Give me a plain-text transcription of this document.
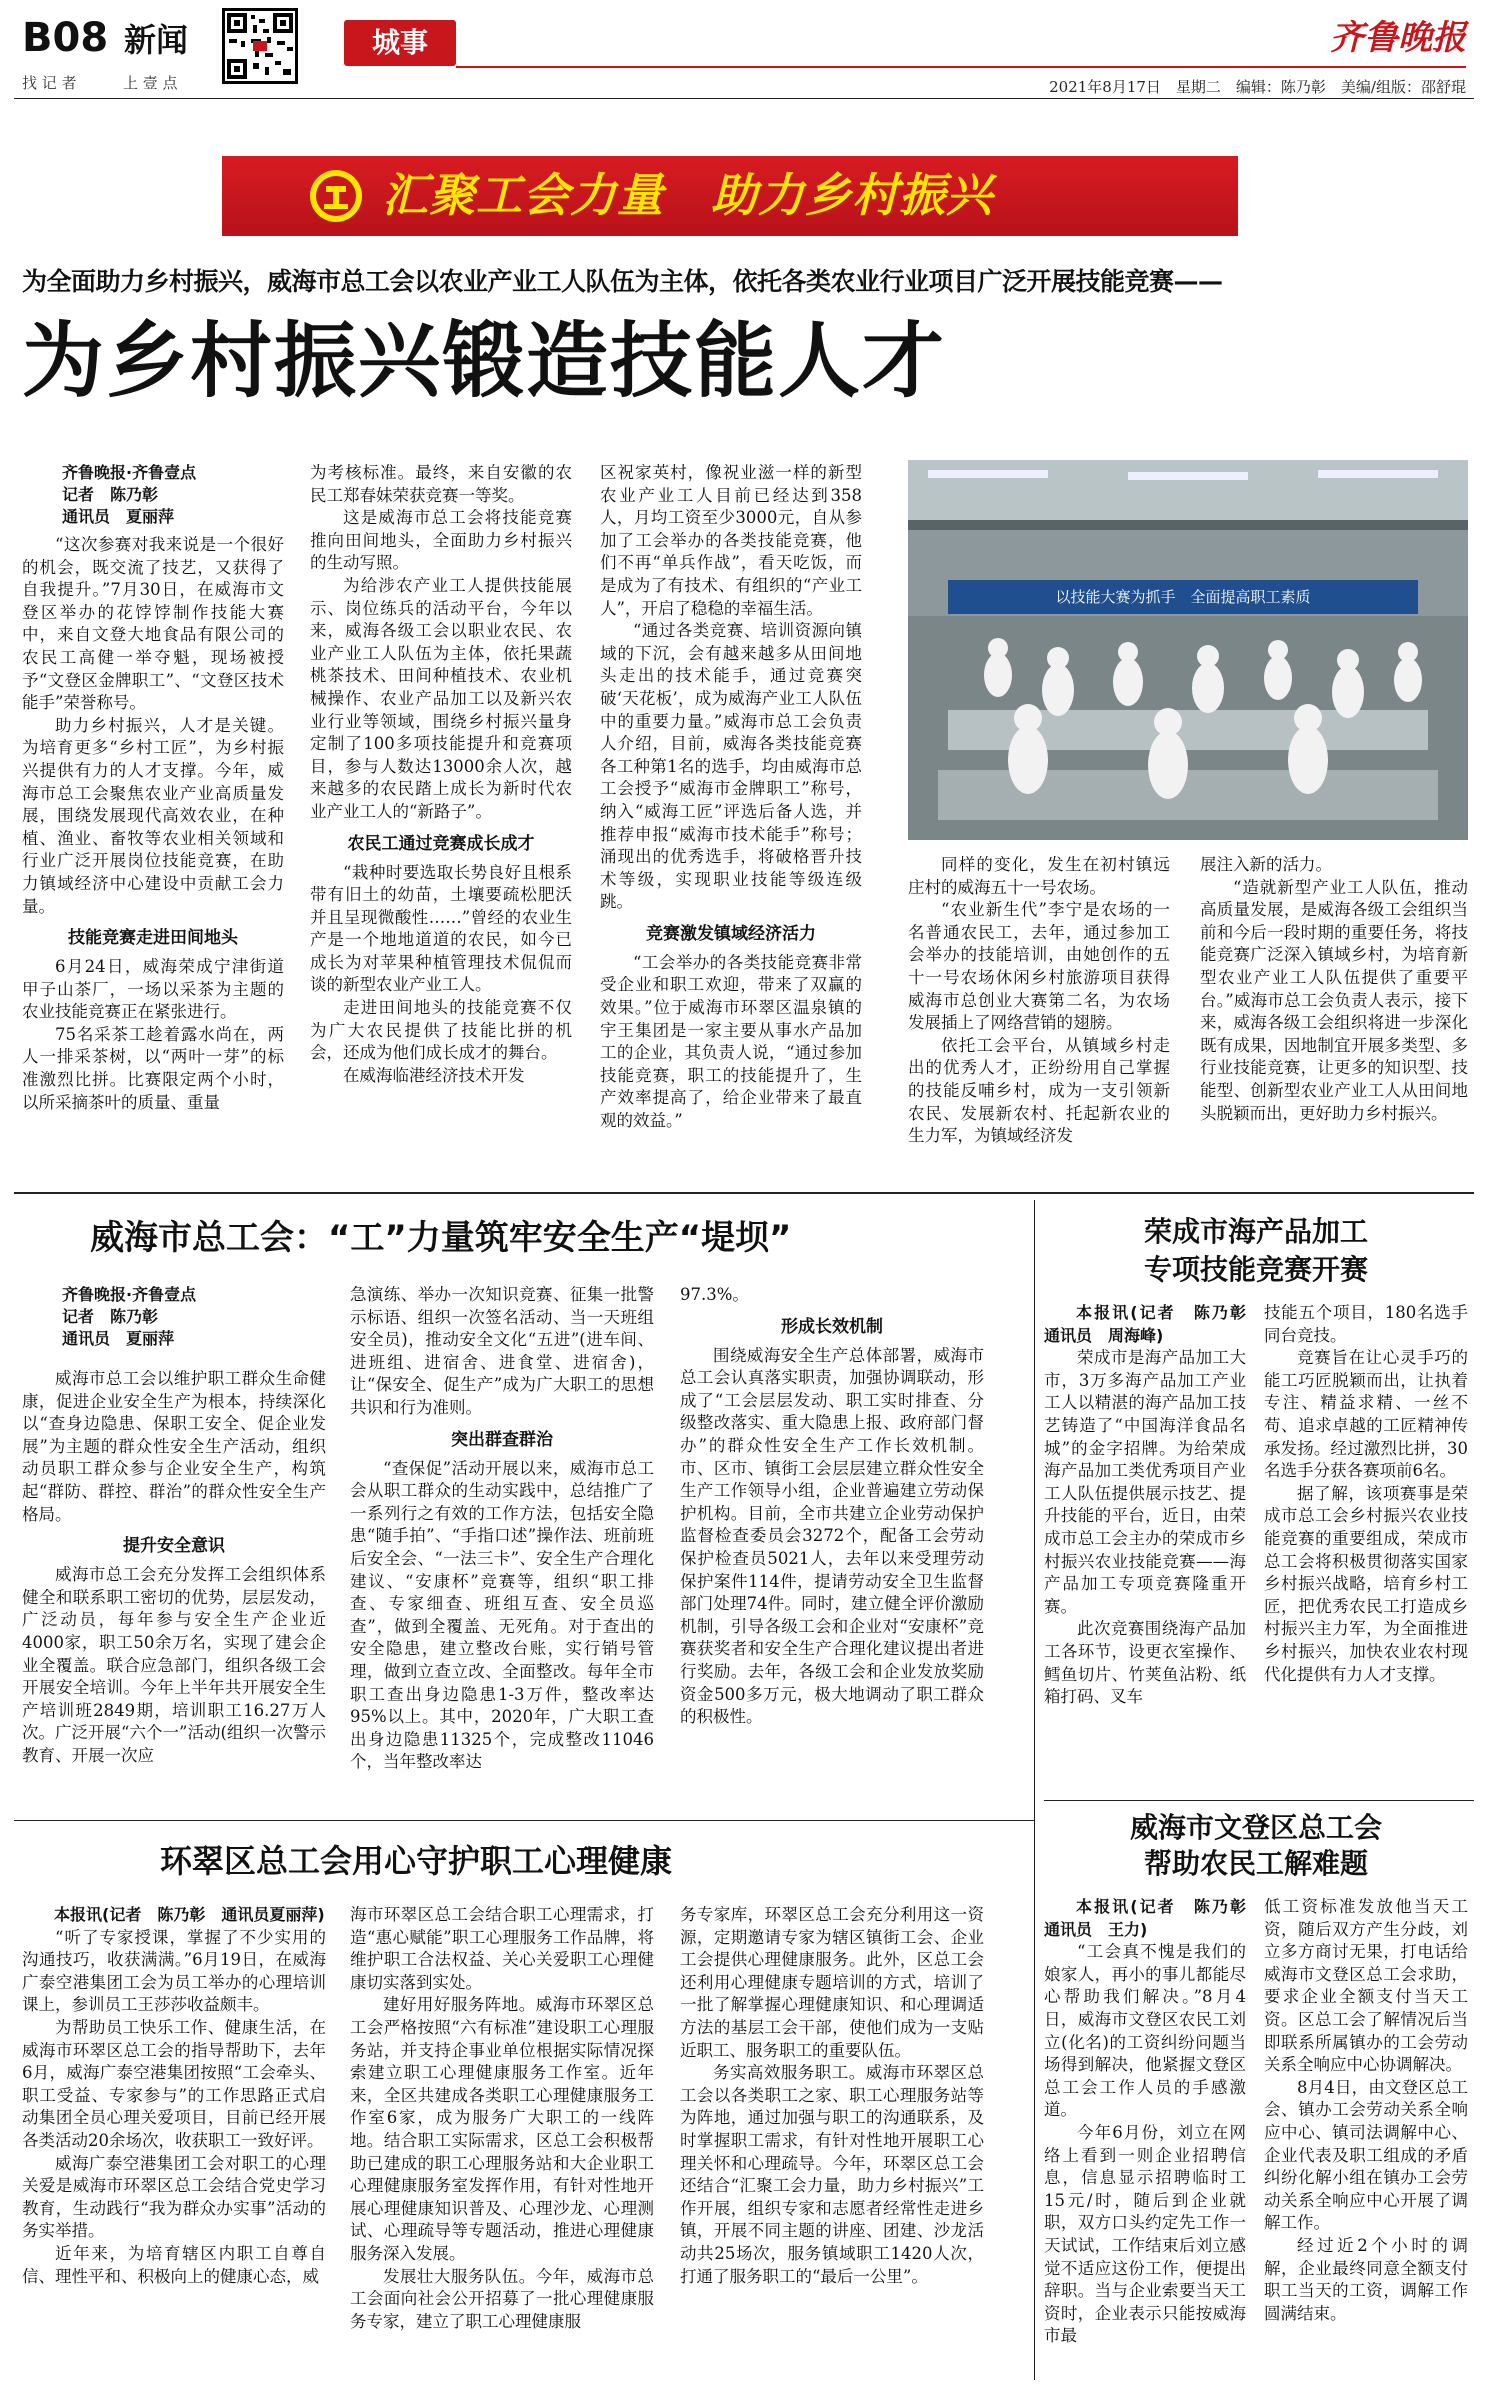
B08 新闻
找 记 者	上 壹 点
城事	齐鲁晚报
2021年8月17日　星期二　编辑：陈乃彰　美编/组版：邵舒琨
汇聚工会力量　助力乡村振兴
为全面助力乡村振兴，威海市总工会以农业产业工人队伍为主体，依托各类农业行业项目广泛开展技能竞赛——
为乡村振兴锻造技能人才
齐鲁晚报·齐鲁壹点
记者　陈乃彰
通讯员　夏丽萍

“这次参赛对我来说是一个很好的机会，既交流了技艺，又获得了自我提升。”7月30日，在威海市文登区举办的花饽饽制作技能大赛中，来自文登大地食品有限公司的农民工高健一举夺魁，现场被授予“文登区金牌职工”、“文登区技术能手”荣誉称号。

助力乡村振兴，人才是关键。为培育更多“乡村工匠”，为乡村振兴提供有力的人才支撑。今年，威海市总工会聚焦农业产业高质量发展，围绕发展现代高效农业，在种植、渔业、畜牧等农业相关领域和行业广泛开展岗位技能竞赛，在助力镇域经济中心建设中贡献工会力量。

技能竞赛走进田间地头

6月24日，威海荣成宁津街道甲子山茶厂，一场以采茶为主题的农业技能竞赛正在紧张进行。

75名采茶工趁着露水尚在，两人一排采茶树，以“两叶一芽”的标准激烈比拼。比赛限定两个小时，以所采摘茶叶的质量、重量

为考核标准。最终，来自安徽的农民工郑春妹荣获竞赛一等奖。

这是威海市总工会将技能竞赛推向田间地头，全面助力乡村振兴的生动写照。

为给涉农产业工人提供技能展示、岗位练兵的活动平台，今年以来，威海各级工会以职业农民、农业产业工人队伍为主体，依托果蔬桃茶技术、田间种植技术、农业机械操作、农业产品加工以及新兴农业行业等领域，围绕乡村振兴量身定制了100多项技能提升和竞赛项目，参与人数达13000余人次，越来越多的农民踏上成长为新时代农业产业工人的“新路子”。

农民工通过竞赛成长成才

“栽种时要选取长势良好且根系带有旧土的幼苗，土壤要疏松肥沃并且呈现微酸性……”曾经的农业生产是一个地地道道的农民，如今已成长为对苹果种植管理技术侃侃而谈的新型农业产业工人。

走进田间地头的技能竞赛不仅为广大农民提供了技能比拼的机会，还成为他们成长成才的舞台。

在威海临港经济技术开发

区祝家英村，像祝业滋一样的新型农业产业工人目前已经达到358人，月均工资至少3000元，自从参加了工会举办的各类技能竞赛，他们不再“单兵作战”，看天吃饭，而是成为了有技术、有组织的“产业工人”，开启了稳稳的幸福生活。

“通过各类竞赛、培训资源向镇域的下沉，会有越来越多从田间地头走出的技术能手，通过竞赛突破‘天花板’，成为威海产业工人队伍中的重要力量。”威海市总工会负责人介绍，目前，威海各类技能竞赛各工种第1名的选手，均由威海市总工会授予“威海市金牌职工”称号，纳入“威海工匠”评选后备人选，并推荐申报“威海市技术能手”称号；涌现出的优秀选手，将破格晋升技术等级，实现职业技能等级连级跳。

竞赛激发镇域经济活力

“工会举办的各类技能竞赛非常受企业和职工欢迎，带来了双赢的效果。”位于威海市环翠区温泉镇的宇王集团是一家主要从事水产品加工的企业，其负责人说，“通过参加技能竞赛，职工的技能提升了，生产效率提高了，给企业带来了最直观的效益。”

以技能大赛为抓手　全面提高职工素质

同样的变化，发生在初村镇远庄村的威海五十一号农场。

“农业新生代”李宁是农场的一名普通农民工，去年，通过参加工会举办的技能培训，由她创作的五十一号农场休闲乡村旅游项目获得威海市总创业大赛第二名，为农场发展插上了网络营销的翅膀。

依托工会平台，从镇域乡村走出的优秀人才，正纷纷用自己掌握的技能反哺乡村，成为一支引领新农民、发展新农村、托起新农业的生力军，为镇域经济发

展注入新的活力。

“造就新型产业工人队伍，推动高质量发展，是威海各级工会组织当前和今后一段时期的重要任务，将技能竞赛广泛深入镇域乡村，为培育新型农业产业工人队伍提供了重要平台。”威海市总工会负责人表示，接下来，威海各级工会组织将进一步深化既有成果，因地制宜开展多类型、多行业技能竞赛，让更多的知识型、技能型、创新型农业产业工人从田间地头脱颖而出，更好助力乡村振兴。

威海市总工会：“工”力量筑牢安全生产“堤坝”
齐鲁晚报·齐鲁壹点
记者　陈乃彰
通讯员　夏丽萍

威海市总工会以维护职工群众生命健康，促进企业安全生产为根本，持续深化以“查身边隐患、保职工安全、促企业发展”为主题的群众性安全生产活动，组织动员职工群众参与企业安全生产，构筑起“群防、群控、群治”的群众性安全生产格局。

提升安全意识

威海市总工会充分发挥工会组织体系健全和联系职工密切的优势，层层发动，广泛动员，每年参与安全生产企业近4000家，职工50余万名，实现了建会企业全覆盖。联合应急部门，组织各级工会开展安全培训。今年上半年共开展安全生产培训班2849期，培训职工16.27万人次。广泛开展“六个一”活动(组织一次警示教育、开展一次应

急演练、举办一次知识竞赛、征集一批警示标语、组织一次签名活动、当一天班组安全员)，推动安全文化“五进”(进车间、进班组、进宿舍、进食堂、进宿舍)，让“保安全、促生产”成为广大职工的思想共识和行为准则。

突出群查群治

“查保促”活动开展以来，威海市总工会从职工群众的生动实践中，总结推广了一系列行之有效的工作方法，包括安全隐患“随手拍”、“手指口述”操作法、班前班后安全会、“一法三卡”、安全生产合理化建议、“安康杯”竞赛等，组织“职工排查、专家细查、班组互查、安全员巡查”，做到全覆盖、无死角。对于查出的安全隐患，建立整改台账，实行销号管理，做到立查立改、全面整改。每年全市职工查出身边隐患1-3万件，整改率达95%以上。其中，2020年，广大职工查出身边隐患11325个，完成整改11046个，当年整改率达

97.3%。

形成长效机制

围绕威海安全生产总体部署，威海市总工会认真落实职责，加强协调联动，形成了“工会层层发动、职工实时排查、分级整改落实、重大隐患上报、政府部门督办”的群众性安全生产工作长效机制。市、区市、镇街工会层层建立群众性安全生产工作领导小组，企业普遍建立劳动保护机构。目前，全市共建立企业劳动保护监督检查委员会3272个，配备工会劳动保护检查员5021人，去年以来受理劳动保护案件114件，提请劳动安全卫生监督部门处理74件。同时，建立健全评价激励机制，引导各级工会和企业对“安康杯”竞赛获奖者和安全生产合理化建议提出者进行奖励。去年，各级工会和企业发放奖励资金500多万元，极大地调动了职工群众的积极性。

荣成市海产品加工
专项技能竞赛开赛
本报讯(记者　陈乃彰　通讯员　周海峰)

荣成市是海产品加工大市，3万多海产品加工产业工人以精湛的海产品加工技艺铸造了“中国海洋食品名城”的金字招牌。为给荣成海产品加工类优秀项目产业工人队伍提供展示技艺、提升技能的平台，近日，由荣成市总工会主办的荣成市乡村振兴农业技能竞赛——海产品加工专项竞赛隆重开赛。

此次竞赛围绕海产品加工各环节，设更衣室操作、鳕鱼切片、竹荚鱼沾粉、纸箱打码、叉车

技能五个项目，180名选手同台竞技。

竞赛旨在让心灵手巧的能工巧匠脱颖而出，让执着专注、精益求精、一丝不苟、追求卓越的工匠精神传承发扬。经过激烈比拼，30名选手分获各赛项前6名。

据了解，该项赛事是荣成市总工会乡村振兴农业技能竞赛的重要组成，荣成市总工会将积极贯彻落实国家乡村振兴战略，培育乡村工匠，把优秀农民工打造成乡村振兴主力军，为全面推进乡村振兴，加快农业农村现代化提供有力人才支撑。

环翠区总工会用心守护职工心理健康
本报讯(记者　陈乃彰　通讯员夏丽萍)

“听了专家授课，掌握了不少实用的沟通技巧，收获满满。”6月19日，在威海广泰空港集团工会为员工举办的心理培训课上，参训员工王莎莎收益颇丰。

为帮助员工快乐工作、健康生活，在威海市环翠区总工会的指导帮助下，去年6月，威海广泰空港集团按照“工会牵头、职工受益、专家参与”的工作思路正式启动集团全员心理关爱项目，目前已经开展各类活动20余场次，收获职工一致好评。

威海广泰空港集团工会对职工的心理关爱是威海市环翠区总工会结合党史学习教育，生动践行“我为群众办实事”活动的务实举措。

近年来，为培育辖区内职工自尊自信、理性平和、积极向上的健康心态，威

海市环翠区总工会结合职工心理需求，打造“惠心赋能”职工心理服务工作品牌，将维护职工合法权益、关心关爱职工心理健康切实落到实处。

建好用好服务阵地。威海市环翠区总工会严格按照“六有标准”建设职工心理服务站，并支持企事业单位根据实际情况探索建立职工心理健康服务工作室。近年来，全区共建成各类职工心理健康服务工作室6家，成为服务广大职工的一线阵地。结合职工实际需求，区总工会积极帮助已建成的职工心理服务站和大企业职工心理健康服务室发挥作用，有针对性地开展心理健康知识普及、心理沙龙、心理测试、心理疏导等专题活动，推进心理健康服务深入发展。

发展壮大服务队伍。今年，威海市总工会面向社会公开招募了一批心理健康服务专家，建立了职工心理健康服

务专家库，环翠区总工会充分利用这一资源，定期邀请专家为辖区镇街工会、企业工会提供心理健康服务。此外，区总工会还利用心理健康专题培训的方式，培训了一批了解掌握心理健康知识、和心理调适方法的基层工会干部，使他们成为一支贴近职工、服务职工的重要队伍。

务实高效服务职工。威海市环翠区总工会以各类职工之家、职工心理服务站等为阵地，通过加强与职工的沟通联系，及时掌握职工需求，有针对性地开展职工心理关怀和心理疏导。今年，环翠区总工会还结合“汇聚工会力量，助力乡村振兴”工作开展，组织专家和志愿者经常性走进乡镇，开展不同主题的讲座、团建、沙龙活动共25场次，服务镇域职工1420人次，打通了服务职工的“最后一公里”。

威海市文登区总工会
帮助农民工解难题
本报讯(记者　陈乃彰　通讯员　王力)

“工会真不愧是我们的娘家人，再小的事儿都能尽心帮助我们解决。”8月4日，威海市文登区农民工刘立(化名)的工资纠纷问题当场得到解决，他紧握文登区总工会工作人员的手感激道。

今年6月份，刘立在网络上看到一则企业招聘信息，信息显示招聘临时工15元/时，随后到企业就职，双方口头约定先工作一天试试，工作结束后刘立感觉不适应这份工作，便提出辞职。当与企业索要当天工资时，企业表示只能按威海市最

低工资标准发放他当天工资，随后双方产生分歧，刘立多方商讨无果，打电话给威海市文登区总工会求助，要求企业全额支付当天工资。区总工会了解情况后当即联系所属镇办的工会劳动关系全响应中心协调解决。

8月4日，由文登区总工会、镇办工会劳动关系全响应中心、镇司法调解中心、企业代表及职工组成的矛盾纠纷化解小组在镇办工会劳动关系全响应中心开展了调解工作。

经过近2个小时的调解，企业最终同意全额支付职工当天的工资，调解工作圆满结束。
